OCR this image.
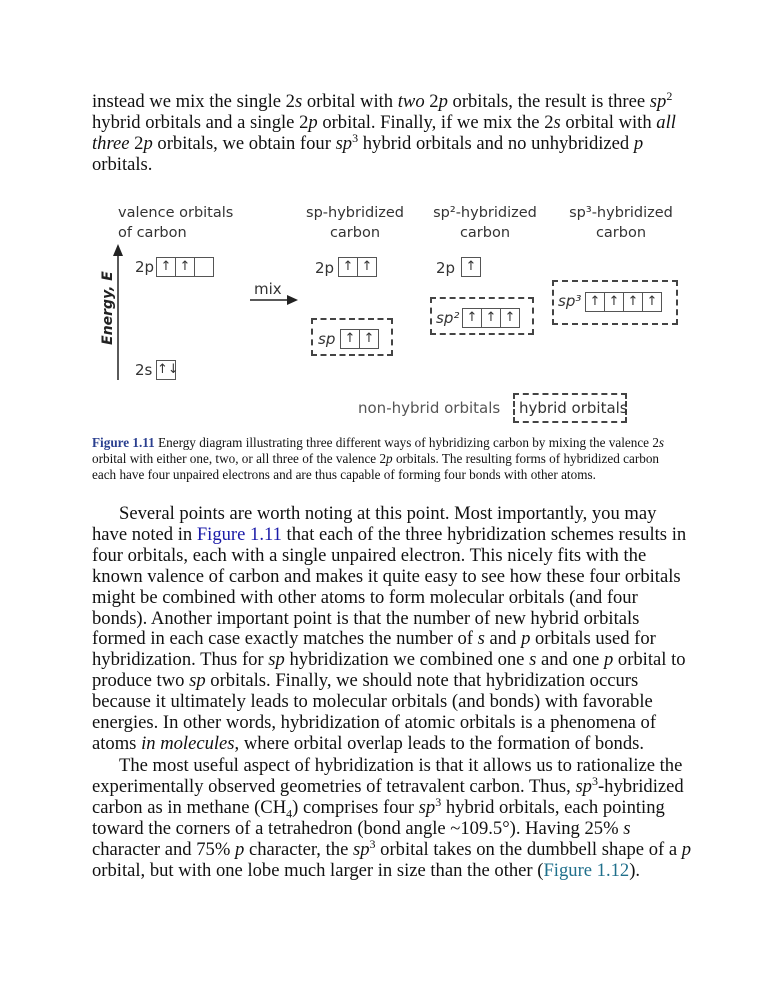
instead we mix the single 2s orbital with two 2p orbitals, the result is three $sp^2$
hybrid orbitals and a single 2p orbital. Finally, if we mix the 2s orbital with all three 2p orbitals, we obtain four $sp^3$ hybrid orbitals and no unhybridized p
orbitals.

valence orbitals
of carbon
sp-hybridized
carbon
sp²-hybridized
carbon
sp³-hybridized
carbon
Energy, E
2p ↑ ↑
2s ↑↓
mix
2p ↑ ↑
sp ↑ ↑
2p ↑
sp² ↑ ↑ ↑
sp³ ↑ ↑ ↑ ↑
non-hybrid orbitals hybrid orbitals

Figure 1.11 Energy diagram illustrating three different ways of hybridizing carbon by mixing the valence 2s orbital with either one, two, or all three of the valence 2p orbitals. The resulting forms of hybridized carbon each have four unpaired electrons and are thus capable of forming four bonds with other atoms.

Several points are worth noting at this point. Most importantly, you may have noted in Figure 1.11 that each of the three hybridization schemes results in four orbitals, each with a single unpaired electron. This nicely fits with the known valence of carbon and makes it quite easy to see how these four orbitals might be combined with other atoms to form molecular orbitals (and four bonds). Another important point is that the number of new hybrid orbitals formed in each case exactly matches the number of s and p orbitals used for hybridization. Thus for sp hybridization we combined one s and one p orbital to produce two sp orbitals. Finally, we should note that hybridization occurs because it ultimately leads to molecular orbitals (and bonds) with favorable energies. In other words, hybridization of atomic orbitals is a phenomena of atoms in molecules, where orbital overlap leads to the formation of bonds.

The most useful aspect of hybridization is that it allows us to rationalize the experimentally observed geometries of tetravalent carbon. Thus, $sp^3$-hybridized carbon as in methane $(CH_4)$ comprises four $sp^3$ hybrid orbitals, each pointing toward the corners of a tetrahedron (bond angle ~109.5°). Having 25% s character and 75% p character, the $sp^3$ orbital takes on the dumbbell shape of a p orbital, but with one lobe much larger in size than the other (Figure 1.12).
